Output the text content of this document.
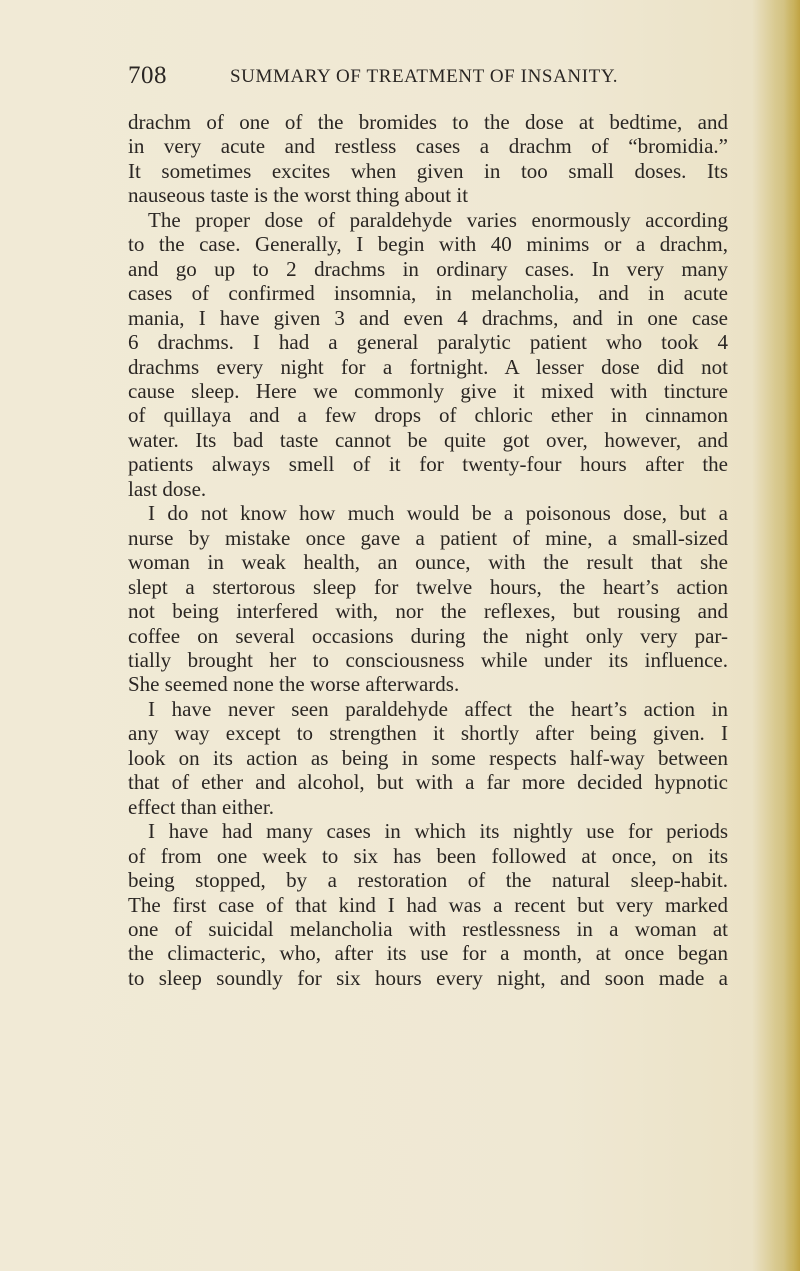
708	SUMMARY OF TREATMENT OF INSANITY.
drachm of one of the bromides to the dose at bedtime, and
in very acute and restless cases a drachm of “bromidia.”
It sometimes excites when given in too small doses. Its
nauseous taste is the worst thing about it
The proper dose of paraldehyde varies enormously according
to the case. Generally, I begin with 40 minims or a drachm,
and go up to 2 drachms in ordinary cases. In very many
cases of confirmed insomnia, in melancholia, and in acute
mania, I have given 3 and even 4 drachms, and in one case
6 drachms. I had a general paralytic patient who took 4
drachms every night for a fortnight. A lesser dose did not
cause sleep. Here we commonly give it mixed with tincture
of quillaya and a few drops of chloric ether in cinnamon
water. Its bad taste cannot be quite got over, however, and
patients always smell of it for twenty-four hours after the
last dose.
I do not know how much would be a poisonous dose, but a
nurse by mistake once gave a patient of mine, a small-sized
woman in weak health, an ounce, with the result that she
slept a stertorous sleep for twelve hours, the heart’s action
not being interfered with, nor the reflexes, but rousing and
coffee on several occasions during the night only very par-
tially brought her to consciousness while under its influence.
She seemed none the worse afterwards.
I have never seen paraldehyde affect the heart’s action in
any way except to strengthen it shortly after being given. I
look on its action as being in some respects half-way between
that of ether and alcohol, but with a far more decided hypnotic
effect than either.
I have had many cases in which its nightly use for periods
of from one week to six has been followed at once, on its
being stopped, by a restoration of the natural sleep-habit.
The first case of that kind I had was a recent but very marked
one of suicidal melancholia with restlessness in a woman at
the climacteric, who, after its use for a month, at once began
to sleep soundly for six hours every night, and soon made a
